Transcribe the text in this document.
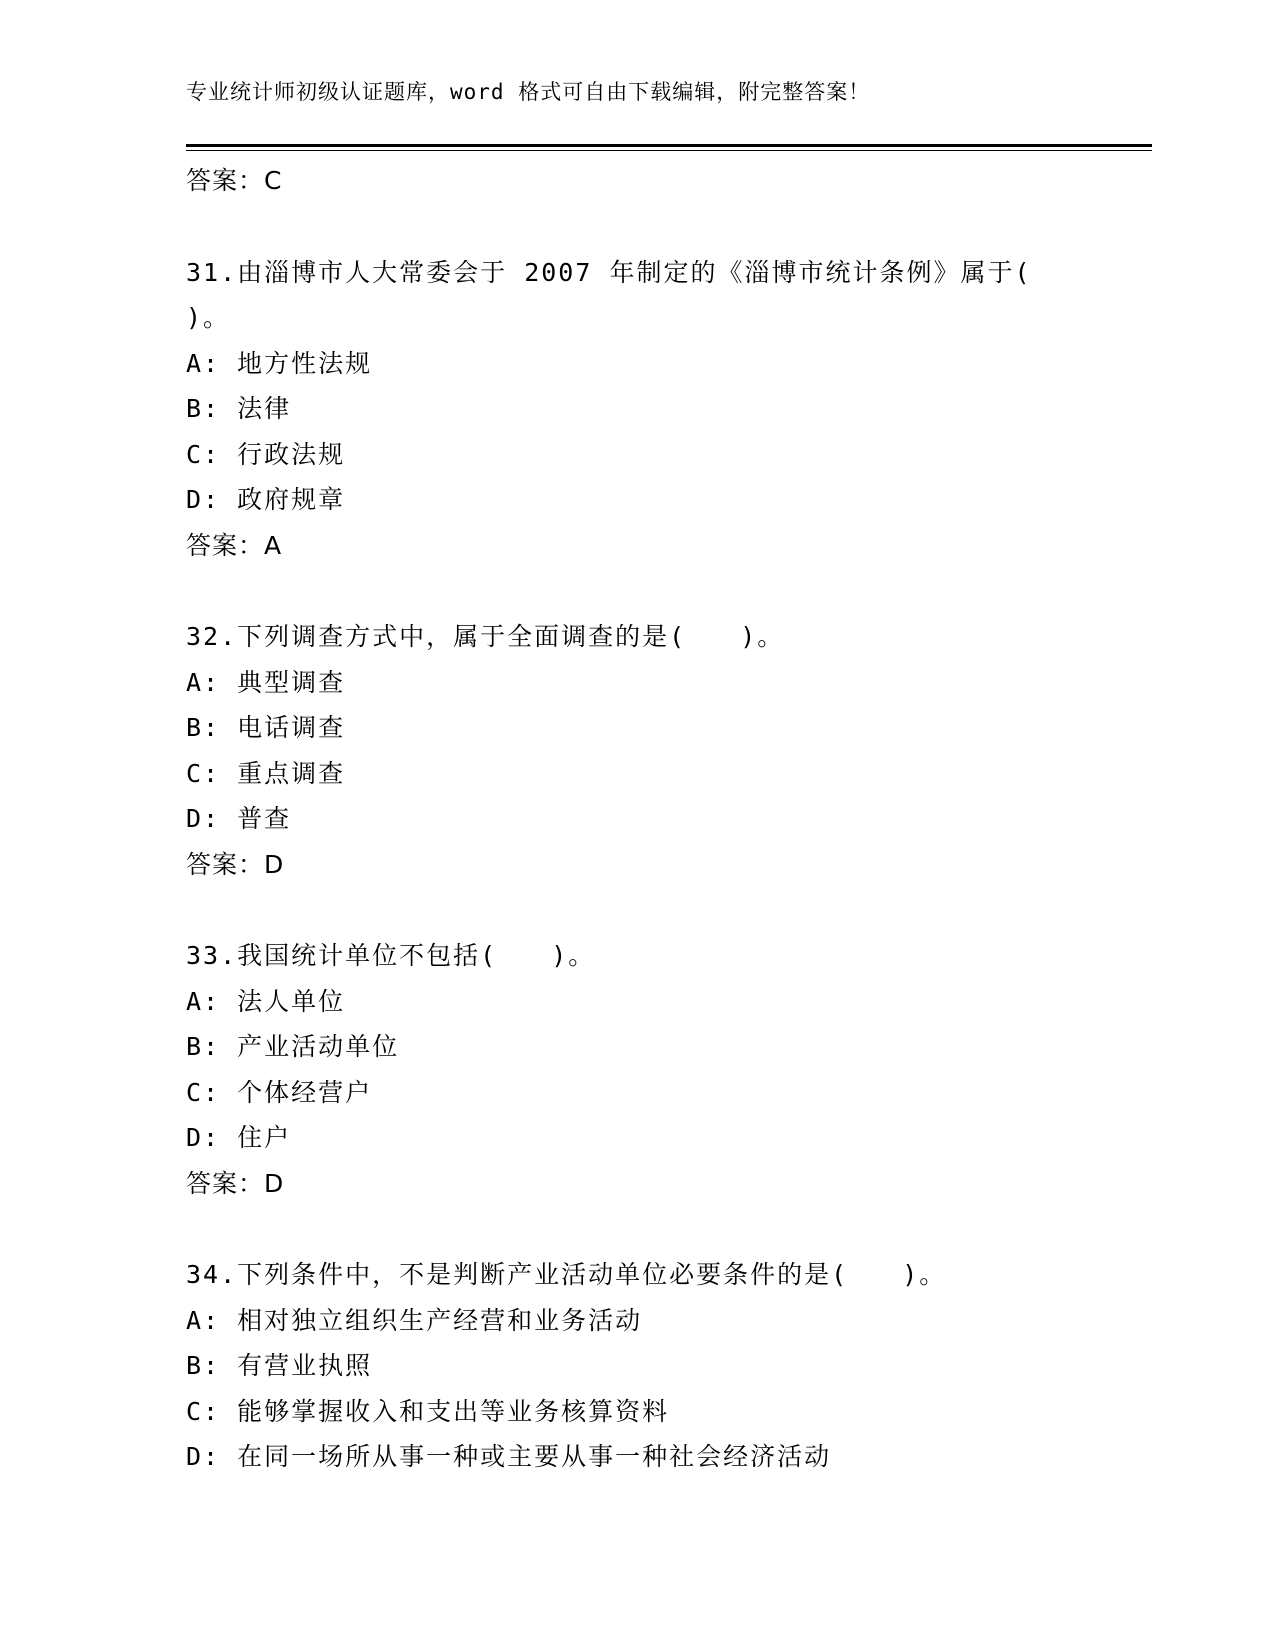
专业统计师初级认证题库，word 格式可自由下载编辑，附完整答案！
答案：C
31.由淄博市人大常委会于 2007 年制定的《淄博市统计条例》属于(
)。
A: 地方性法规
B: 法律
C: 行政法规
D: 政府规章
答案：A
32.下列调查方式中，属于全面调查的是(　　)。
A: 典型调查
B: 电话调查
C: 重点调查
D: 普查
答案：D
33.我国统计单位不包括(　　)。
A: 法人单位
B: 产业活动单位
C: 个体经营户
D: 住户
答案：D
34.下列条件中，不是判断产业活动单位必要条件的是(　　)。
A: 相对独立组织生产经营和业务活动
B: 有营业执照
C: 能够掌握收入和支出等业务核算资料
D: 在同一场所从事一种或主要从事一种社会经济活动
